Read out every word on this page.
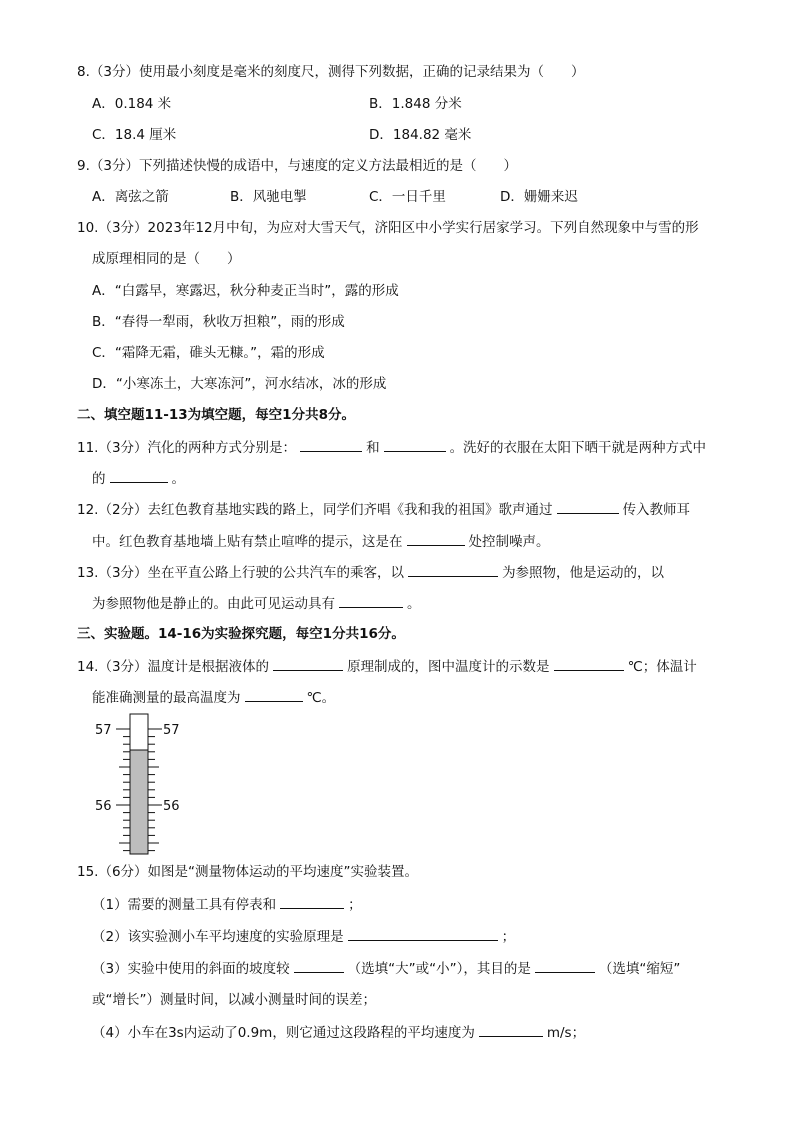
8.（3分）使用最小刻度是毫米的刻度尺，测得下列数据，正确的记录结果为（　　）
A．0.184 米	B．1.848 分米
C．18.4 厘米	D．184.82 毫米
9.（3分）下列描述快慢的成语中，与速度的定义方法最相近的是（　　）
A．离弦之箭	B．风驰电掣	C．一日千里	D．姗姗来迟
10.（3分）2023年12月中旬，为应对大雪天气，济阳区中小学实行居家学习。下列自然现象中与雪的形
成原理相同的是（　　）
A．“白露早，寒露迟，秋分种麦正当时”，露的形成
B．“春得一犁雨，秋收万担粮”，雨的形成
C．“霜降无霜，碓头无糠。”，霜的形成
D．“小寒冻土，大寒冻河”，河水结冰，冰的形成
二、填空题11-13为填空题，每空1分共8分。
11.（3分）汽化的两种方式分别是：	和	。洗好的衣服在太阳下晒干就是两种方式中
的	。
12.（2分）去红色教育基地实践的路上，同学们齐唱《我和我的祖国》歌声通过	传入教师耳
中。红色教育基地墙上贴有禁止喧哗的提示，这是在	处控制噪声。
13.（3分）坐在平直公路上行驶的公共汽车的乘客，以	为参照物，他是运动的，以
为参照物他是静止的。由此可见运动具有	。
三、实验题。14-16为实验探究题，每空1分共16分。
14.（3分）温度计是根据液体的	原理制成的，图中温度计的示数是	℃；体温计
能准确测量的最高温度为	℃。
57	57
56	56
15.（6分）如图是“测量物体运动的平均速度”实验装置。
（1）需要的测量工具有停表和	；
（2）该实验测小车平均速度的实验原理是	；
（3）实验中使用的斜面的坡度较	（选填“大”或“小”），其目的是	（选填“缩短”
或“增长”）测量时间，以减小测量时间的误差；
（4）小车在3s内运动了0.9m，则它通过这段路程的平均速度为	m/s；
